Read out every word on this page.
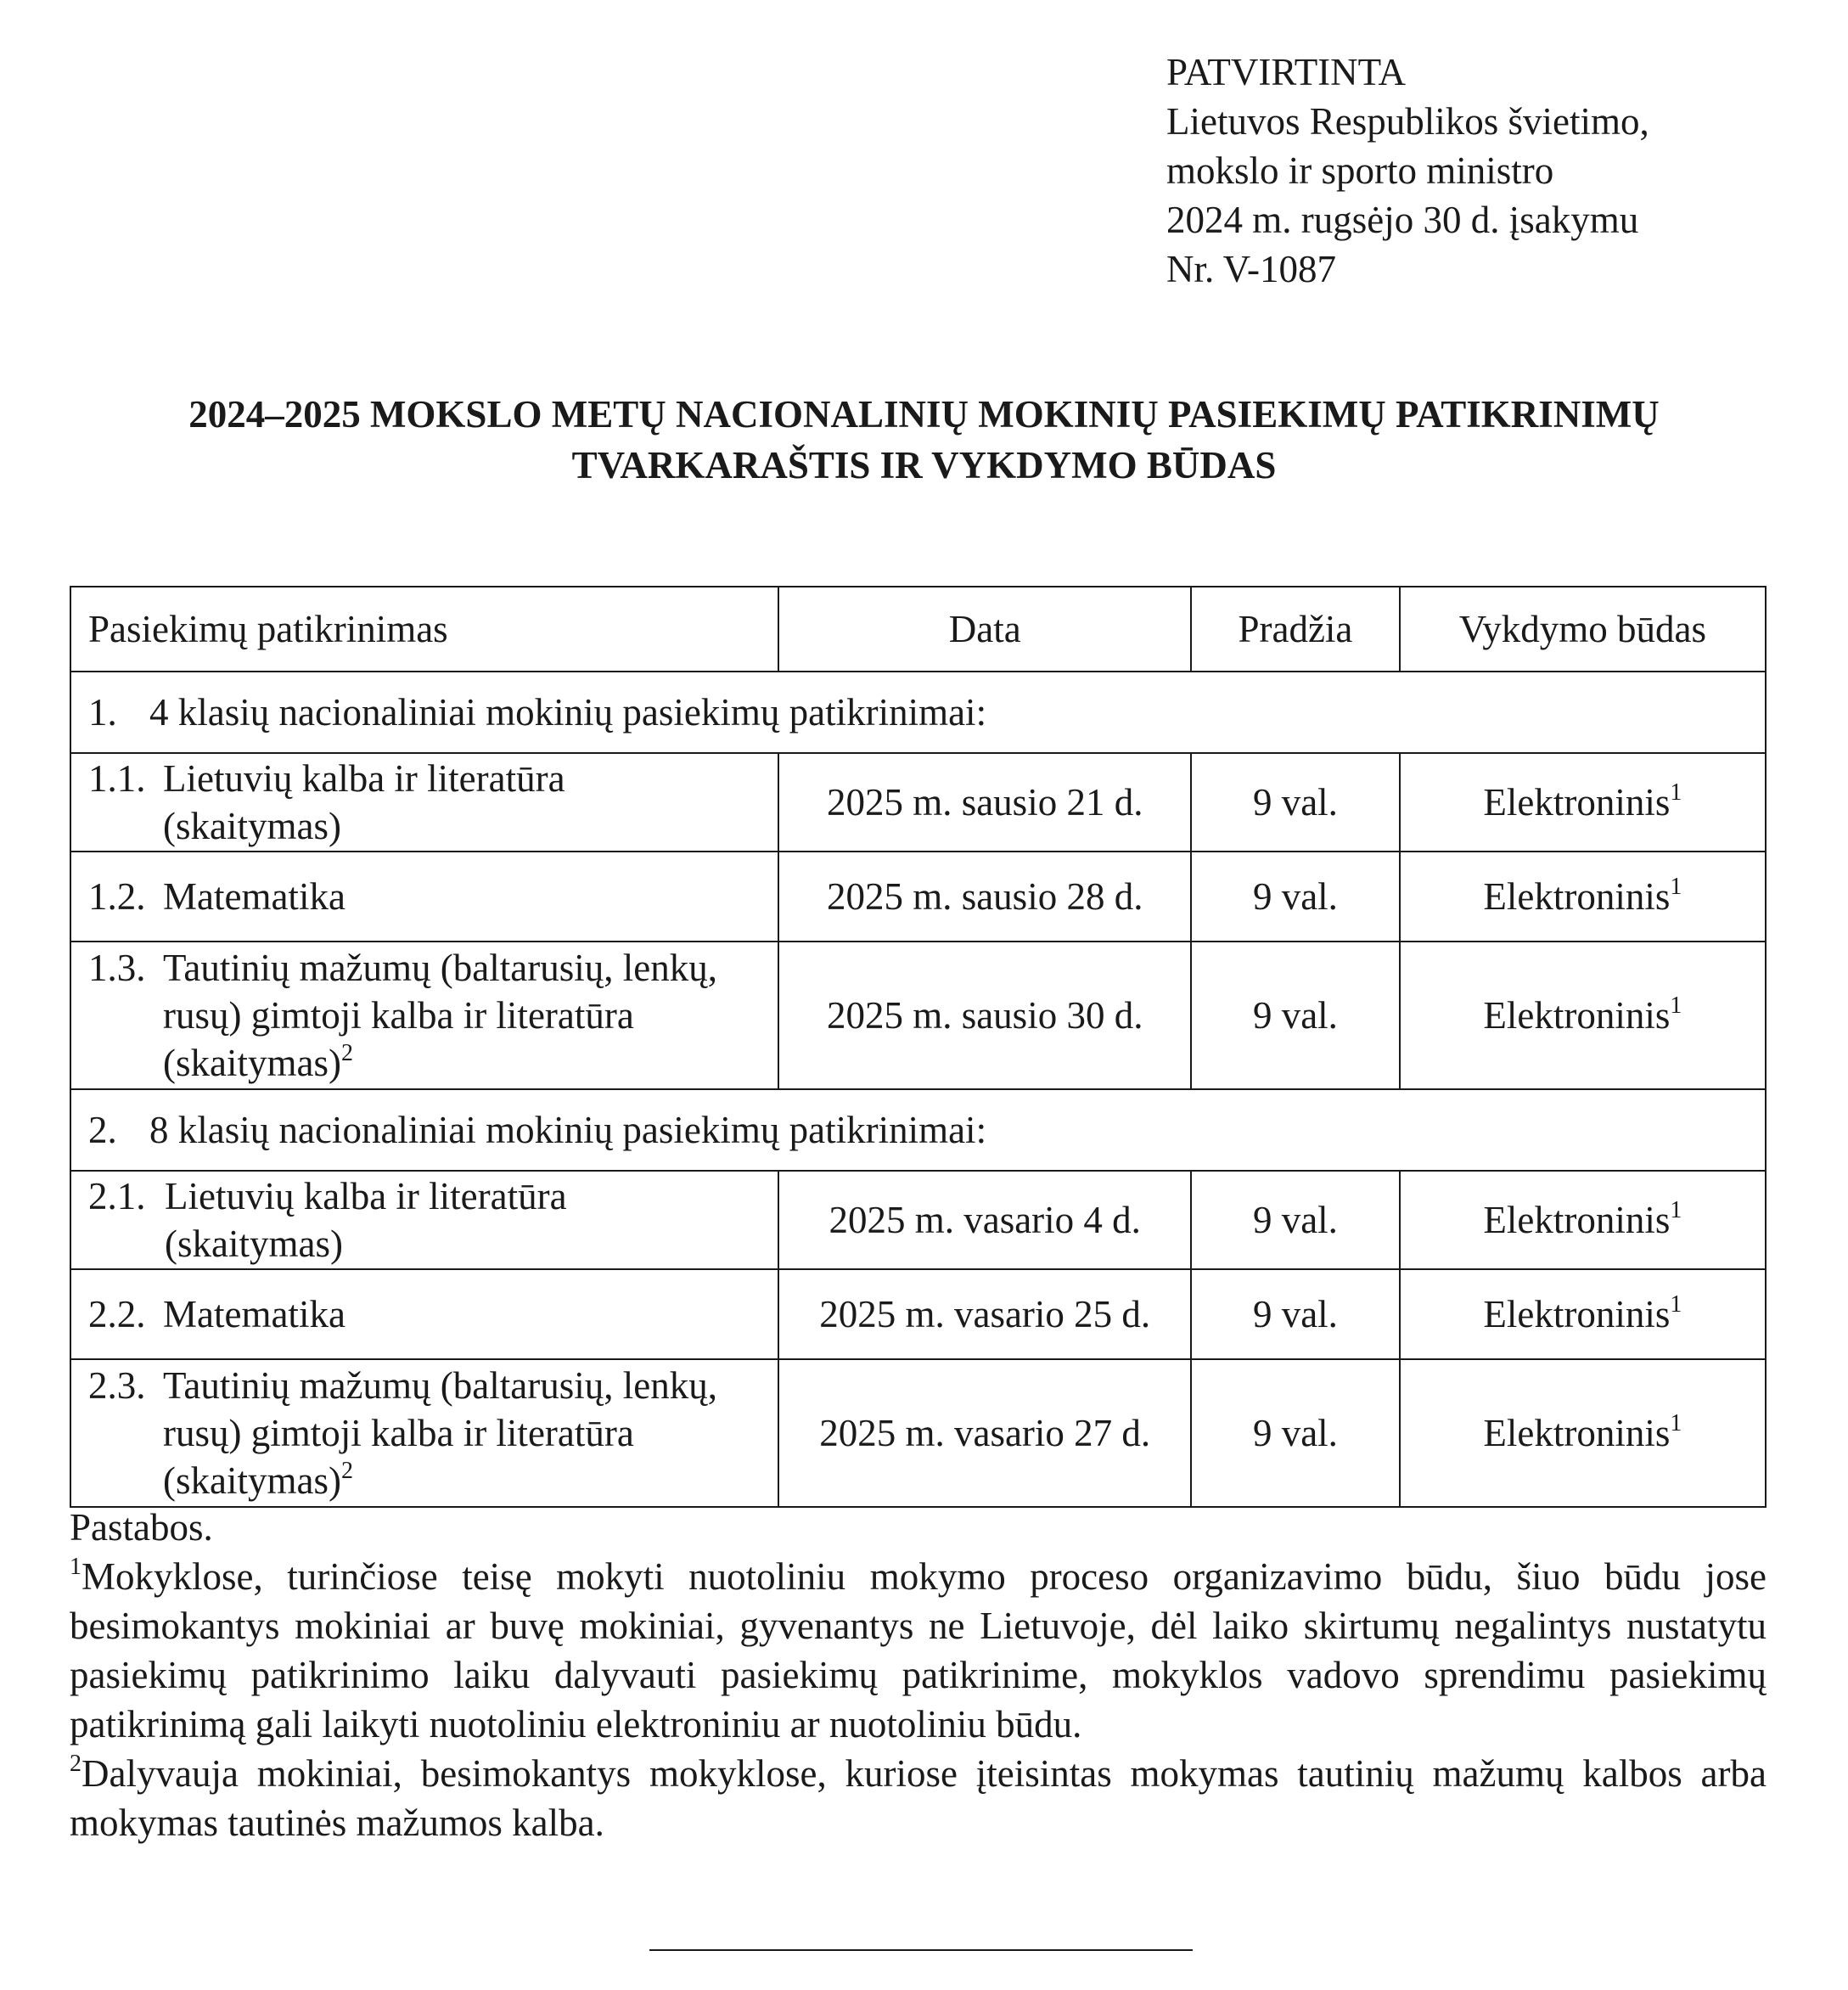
PATVIRTINTA
Lietuvos Respublikos švietimo,
mokslo ir sporto ministro
2024 m. rugsėjo 30 d. įsakymu
Nr. V-1087
2024–2025 MOKSLO METŲ NACIONALINIŲ MOKINIŲ PASIEKIMŲ PATIKRINIMŲ
TVARKARAŠTIS IR VYKDYMO BŪDAS
Pasiekimų patikrinimas	Data	Pradžia	Vykdymo būdas
1. 4 klasių nacionaliniai mokinių pasiekimų patikrinimai:			

1.1. Lietuvių kalba ir literatūra
(skaitymas)	2025 m. sausio 21 d.	9 val.	Elektroninis$^1$

1.2. Matematika	2025 m. sausio 28 d.	9 val.	Elektroninis$^1$

1.3. Tautinių mažumų (baltarusių, lenkų,
rusų) gimtoji kalba ir literatūra
(skaitymas)$^2$	2025 m. sausio 30 d.	9 val.	Elektroninis$^1$
2. 8 klasių nacionaliniai mokinių pasiekimų patikrinimai:			

2.1. Lietuvių kalba ir literatūra
(skaitymas)	2025 m. vasario 4 d.	9 val.	Elektroninis$^1$

2.2. Matematika	2025 m. vasario 25 d.	9 val.	Elektroninis$^1$

2.3. Tautinių mažumų (baltarusių, lenkų,
rusų) gimtoji kalba ir literatūra
(skaitymas)$^2$	2025 m. vasario 27 d.	9 val.	Elektroninis$^1$

Pastabos.

$^1$Mokyklose, turinčiose teisę mokyti nuotoliniu mokymo proceso organizavimo būdu, šiuo būdu jose besimokantys mokiniai ar buvę mokiniai, gyvenantys ne Lietuvoje, dėl laiko skirtumų negalintys nustatytu pasiekimų patikrinimo laiku dalyvauti pasiekimų patikrinime, mokyklos vadovo sprendimu pasiekimų patikrinimą gali laikyti nuotoliniu elektroniniu ar nuotoliniu būdu.

$^2$Dalyvauja mokiniai, besimokantys mokyklose, kuriose įteisintas mokymas tautinių mažumų kalbos arba mokymas tautinės mažumos kalba.
